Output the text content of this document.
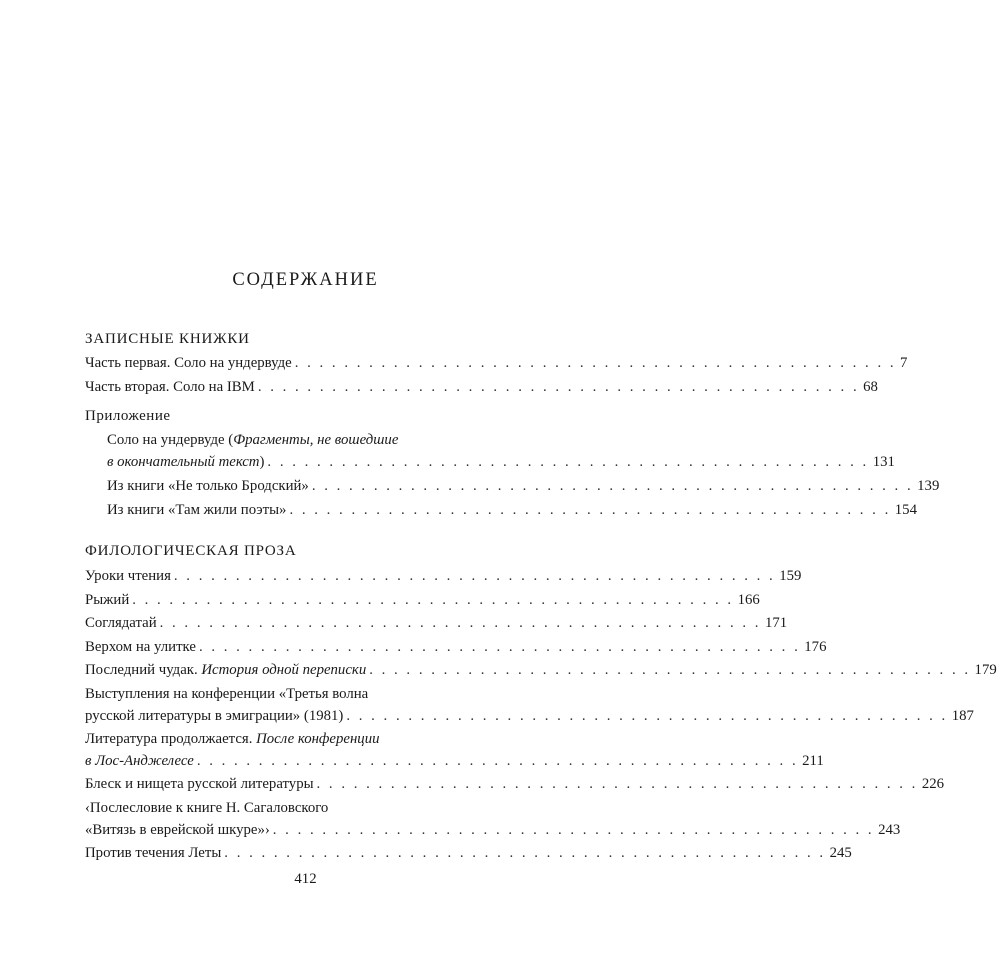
СОДЕРЖАНИЕ
ЗАПИСНЫЕ КНИЖКИ
Часть первая. Соло на ундервуде . . . . . . . . . . . . . . . . . . . . . . . . . . . . . . . . . . . . . . . . . . . . . . . . . 7
Часть вторая. Соло на IBM . . . . . . . . . . . . . . . . . . . . . . . . . . . . . . . . . . . . . . . . . . . . . . . . . 68
Приложение
Соло на ундервуде ( Фрагменты, не вошедшие
в окончательный текст ) . . . . . . . . . . . . . . . . . . . . . . . . . . . . . . . . . . . . . . . . . . . . . . . . . 131
Из книги «Не только Бродский» . . . . . . . . . . . . . . . . . . . . . . . . . . . . . . . . . . . . . . . . . . . . . . . . . 139
Из книги «Там жили поэты» . . . . . . . . . . . . . . . . . . . . . . . . . . . . . . . . . . . . . . . . . . . . . . . . . 154
ФИЛОЛОГИЧЕСКАЯ ПРОЗА
Уроки чтения . . . . . . . . . . . . . . . . . . . . . . . . . . . . . . . . . . . . . . . . . . . . . . . . . 159
Рыжий . . . . . . . . . . . . . . . . . . . . . . . . . . . . . . . . . . . . . . . . . . . . . . . . . 166
Соглядатай . . . . . . . . . . . . . . . . . . . . . . . . . . . . . . . . . . . . . . . . . . . . . . . . . 171
Верхом на улитке . . . . . . . . . . . . . . . . . . . . . . . . . . . . . . . . . . . . . . . . . . . . . . . . . 176
Последний чудак.
История одной переписки . . . . . . . . . . . . . . . . . . . . . . . . . . . . . . . . . . . . . . . . . . . . . . . . . 179
Выступления на конференции «Третья волна
русской литературы в эмиграции» (1981) . . . . . . . . . . . . . . . . . . . . . . . . . . . . . . . . . . . . . . . . . . . . . . . . . 187
Литература продолжается.
После конференции
в Лос-Анджелесе . . . . . . . . . . . . . . . . . . . . . . . . . . . . . . . . . . . . . . . . . . . . . . . . . 211
Блеск и нищета русской литературы . . . . . . . . . . . . . . . . . . . . . . . . . . . . . . . . . . . . . . . . . . . . . . . . . 226
‹Послесловие к книге Н. Сагаловского
«Витязь в еврейской шкуре»› . . . . . . . . . . . . . . . . . . . . . . . . . . . . . . . . . . . . . . . . . . . . . . . . . 243
Против течения Леты . . . . . . . . . . . . . . . . . . . . . . . . . . . . . . . . . . . . . . . . . . . . . . . . . 245
412
